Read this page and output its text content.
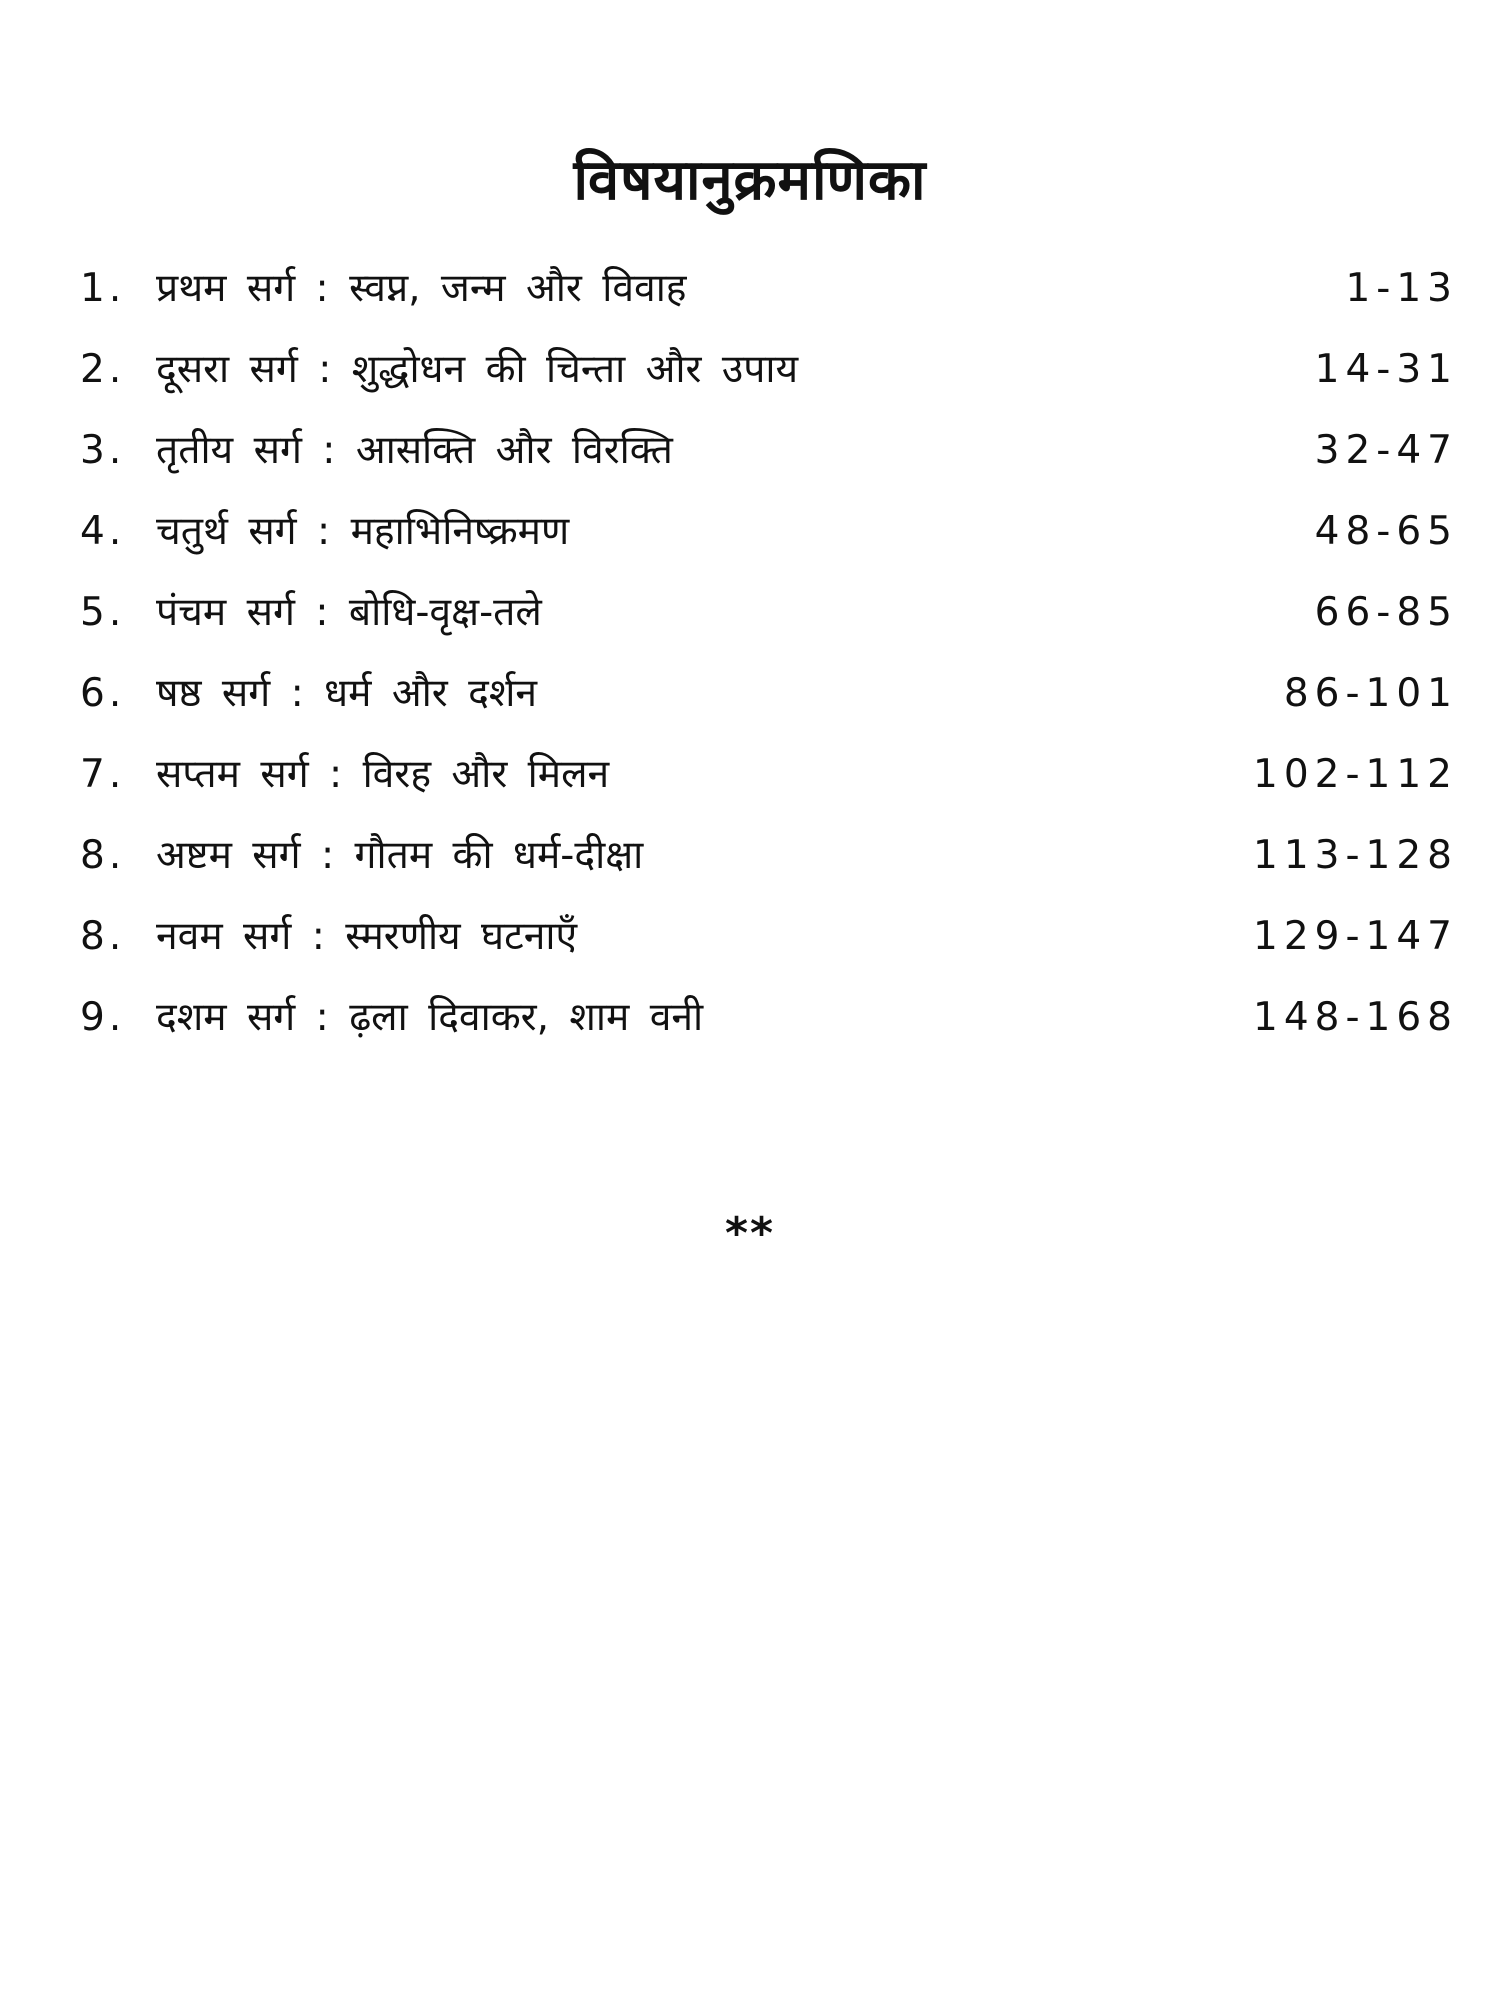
विषयानुक्रमणिका
1. प्रथम सर्ग : स्वप्न, जन्म और विवाह	1-13
2. दूसरा सर्ग : शुद्धोधन की चिन्ता और उपाय	14-31
3. तृतीय सर्ग : आसक्ति और विरक्ति	32-47
4. चतुर्थ सर्ग : महाभिनिष्क्रमण	48-65
5. पंचम सर्ग : बोधि-वृक्ष-तले	66-85
6. षष्ठ सर्ग : धर्म और दर्शन	86-101
7. सप्तम सर्ग : विरह और मिलन	102-112
8. अष्टम सर्ग : गौतम की धर्म-दीक्षा	113-128
8. नवम सर्ग : स्मरणीय घटनाएँ	129-147
9. दशम सर्ग : ढ़ला दिवाकर, शाम वनी	148-168
**
